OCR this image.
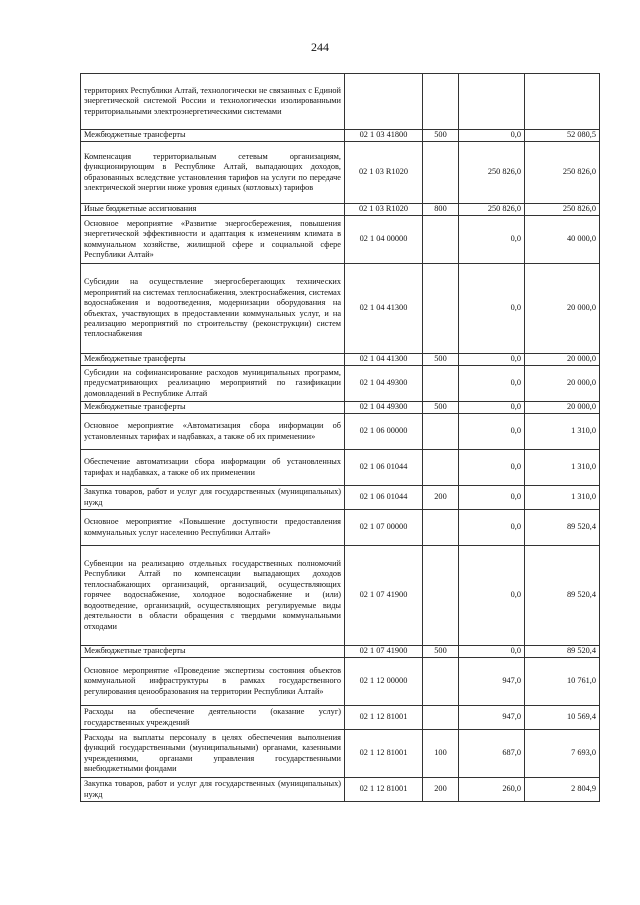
244
территориях Республики Алтай, технологически не связанных с Единой энергетической системой России и технологически изолированными территориальными электроэнергетическими системами				
Межбюджетные трансферты	02 1 03 41800	500	0,0	52 080,5
Компенсация территориальным сетевым организациям, функционирующим в Республике Алтай, выпадающих доходов, образованных вследствие установления тарифов на услуги по передаче электрической энергии ниже уровня единых (котловых) тарифов	02 1 03 R1020		250 826,0	250 826,0
Иные бюджетные ассигнования	02 1 03 R1020	800	250 826,0	250 826,0
Основное мероприятие «Развитие энергосбережения, повышения энергетической эффективности и адаптация к изменениям климата в коммунальном хозяйстве, жилищной сфере и социальной сфере Республики Алтай»	02 1 04 00000		0,0	40 000,0
Субсидии на осуществление энергосберегающих технических мероприятий на системах теплоснабжения, электроснабжения, системах водоснабжения и водоотведения, модернизации оборудования на объектах, участвующих в предоставлении коммунальных услуг, и на реализацию мероприятий по строительству (реконструкции) систем теплоснабжения	02 1 04 41300		0,0	20 000,0
Межбюджетные трансферты	02 1 04 41300	500	0,0	20 000,0
Субсидии на софинансирование расходов муниципальных программ, предусматривающих реализацию мероприятий по газификации домовладений в Республике Алтай	02 1 04 49300		0,0	20 000,0
Межбюджетные трансферты	02 1 04 49300	500	0,0	20 000,0
Основное мероприятие «Автоматизация сбора информации об установленных тарифах и надбавках, а также об их применении»	02 1 06 00000		0,0	1 310,0
Обеспечение автоматизации сбора информации об установленных тарифах и надбавках, а также об их применении	02 1 06 01044		0,0	1 310,0
Закупка товаров, работ и услуг для государственных (муниципальных) нужд	02 1 06 01044	200	0,0	1 310,0
Основное мероприятие «Повышение доступности предоставления коммунальных услуг населению Республики Алтай»	02 1 07 00000		0,0	89 520,4
Субвенции на реализацию отдельных государственных полномочий Республики Алтай по компенсации выпадающих доходов теплоснабжающих организаций, организаций, осуществляющих горячее водоснабжение, холодное водоснабжение и (или) водоотведение, организаций, осуществляющих регулируемые виды деятельности в области обращения с твердыми коммунальными отходами	02 1 07 41900		0,0	89 520,4
Межбюджетные трансферты	02 1 07 41900	500	0,0	89 520,4
Основное мероприятие «Проведение экспертизы состояния объектов коммунальной инфраструктуры в рамках государственного регулирования ценообразования на территории Республики Алтай»	02 1 12 00000		947,0	10 761,0
Расходы на обеспечение деятельности (оказание услуг) государственных учреждений	02 1 12 81001		947,0	10 569,4
Расходы на выплаты персоналу в целях обеспечения выполнения функций государственными (муниципальными) органами, казенными учреждениями, органами управления государственными внебюджетными фондами	02 1 12 81001	100	687,0	7 693,0
Закупка товаров, работ и услуг для государственных (муниципальных) нужд	02 1 12 81001	200	260,0	2 804,9
